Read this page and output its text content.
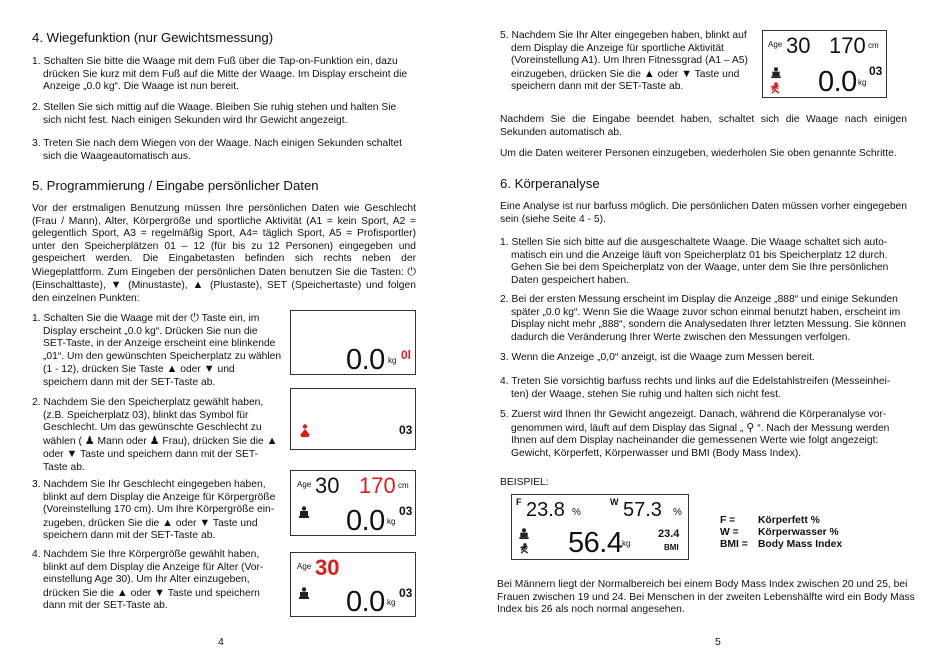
4. Wiegefunktion (nur Gewichtsmessung)

1. Schalten Sie bitte die Waage mit dem Fuß über die Tap-on-Funktion ein, dazu drücken Sie kurz mit dem Fuß auf die Mitte der Waage. Im Display erscheint die Anzeige „0.0 kg“. Die Waage ist nun bereit.

2. Stellen Sie sich mittig auf die Waage. Bleiben Sie ruhig stehen und halten Sie sich nicht fest. Nach einigen Sekunden wird Ihr Gewicht angezeigt.

3. Treten Sie nach dem Wiegen von der Waage. Nach einigen Sekunden schaltet sich die Waageautomatisch aus.

5. Programmierung / Eingabe persönlicher Daten

Vor der erstmaligen Benutzung müssen Ihre persönlichen Daten wie Geschlecht (Frau / Mann), Alter, Körpergröße und sportliche Aktivität (A1 = kein Sport, A2 = gelegentlich Sport, A3 = regelmäßig Sport, A4= täglich Sport, A5 = Profisportler) unter den Speicherplätzen 01 – 12 (für bis zu 12 Personen) eingegeben und gespeichert werden. Die Eingabetasten befinden sich rechts neben der Wiegeplattform. Zum Eingeben der persönlichen Daten benutzen Sie die Tasten: ⏻ (Einschalttaste), ▼ (Minustaste), ▲ (Plustaste), SET (Speichertaste) und folgen den einzelnen Punkten:

1. Schalten Sie die Waage mit der ⏻ Taste ein, im Display erscheint „0.0 kg“. Drücken Sie nun die SET-Taste, in der Anzeige erscheint eine blinkende „01“. Um den gewünschten Speicherplatz zu wählen (1 - 12), drücken Sie Taste ▲ oder ▼ und speichern dann mit der SET-Taste ab.

0.0 kg 0l

2. Nachdem Sie den Speicherplatz gewählt haben, (z.B. Speicherplatz 03), blinkt das Symbol für Geschlecht. Um das gewünschte Geschlecht zu wählen ( ♟ Mann oder ♟ Frau), drücken Sie die ▲ oder ▼ Taste und speichern dann mit der SET-Taste ab.

03

3. Nachdem Sie Ihr Geschlecht eingegeben haben, blinkt auf dem Display die Anzeige für Körpergröße (Voreinstellung 170 cm). Um Ihre Körpergröße ein-zugeben, drücken Sie die ▲ oder ▼ Taste und speichern dann mit der SET-Taste ab.

Age 30 170 cm
0.0 kg
03

4. Nachdem Sie Ihre Körpergröße gewählt haben, blinkt auf dem Display die Anzeige für Alter (Vor-einstellung Age 30). Um Ihr Alter einzugeben, drücken Sie die ▲ oder ▼ Taste und speichern dann mit der SET-Taste ab.

Age 30
0.0 kg
03
4

5. Nachdem Sie Ihr Alter eingegeben haben, blinkt auf dem Display die Anzeige für sportliche Aktivität (Voreinstellung A1). Um Ihren Fitnessgrad (A1 – A5) einzugeben, drücken Sie die ▲ oder ▼ Taste und speichern dann mit der SET-Taste ab.

Age 30 170 cm
0.0 kg
03

Nachdem Sie die Eingabe beendet haben, schaltet sich die Waage nach einigen Sekunden automatisch ab.

Um die Daten weiterer Personen einzugeben, wiederholen Sie oben genannte Schritte.

6. Körperanalyse

Eine Analyse ist nur barfuss möglich. Die persönlichen Daten müssen vorher eingegeben sein (siehe Seite 4 - 5).

1. Stellen Sie sich bitte auf die ausgeschaltete Waage. Die Waage schaltet sich auto-matisch ein und die Anzeige läuft von Speicherplatz 01 bis Speicherplatz 12 durch. Gehen Sie bei dem Speicherplatz von der Waage, unter dem Sie Ihre persönlichen Daten gespeichert haben.

2. Bei der ersten Messung erscheint im Display die Anzeige „888“ und einige Sekunden später „0.0 kg“. Wenn Sie die Waage zuvor schon einmal benutzt haben, erscheint im Display nicht mehr „888“, sondern die Analysedaten Ihrer letzten Messung. Sie können dadurch die Veränderung Ihrer Werte zwischen den Messungen verfolgen.

3. Wenn die Anzeige „0,0“ anzeigt, ist die Waage zum Messen bereit.

4. Treten Sie vorsichtig barfuss rechts und links auf die Edelstahlstreifen (Messeinhei-ten) der Waage, stehen Sie ruhig und halten sich nicht fest.

5. Zuerst wird Ihnen Ihr Gewicht angezeigt. Danach, während die Körperanalyse vor-genommen wird, läuft auf dem Display das Signal „ ⚲ “. Nach der Messung werden Ihnen auf dem Display nacheinander die gemessenen Werte wie folgt angezeigt: Gewicht, Körperfett, Körperwasser und BMI (Body Mass Index).

BEISPIEL:

F 23.8 %
W 57.3 %
56.4 kg
23.4
BMI
F =	Körperfett %
W =	Körperwasser %
BMI = Body Mass Index

Bei Männern liegt der Normalbereich bei einem Body Mass Index zwischen 20 und 25, bei Frauen zwischen 19 und 24. Bei Menschen in der zweiten Lebenshälfte wird ein Body Mass Index bis 26 als noch normal angesehen.

5
